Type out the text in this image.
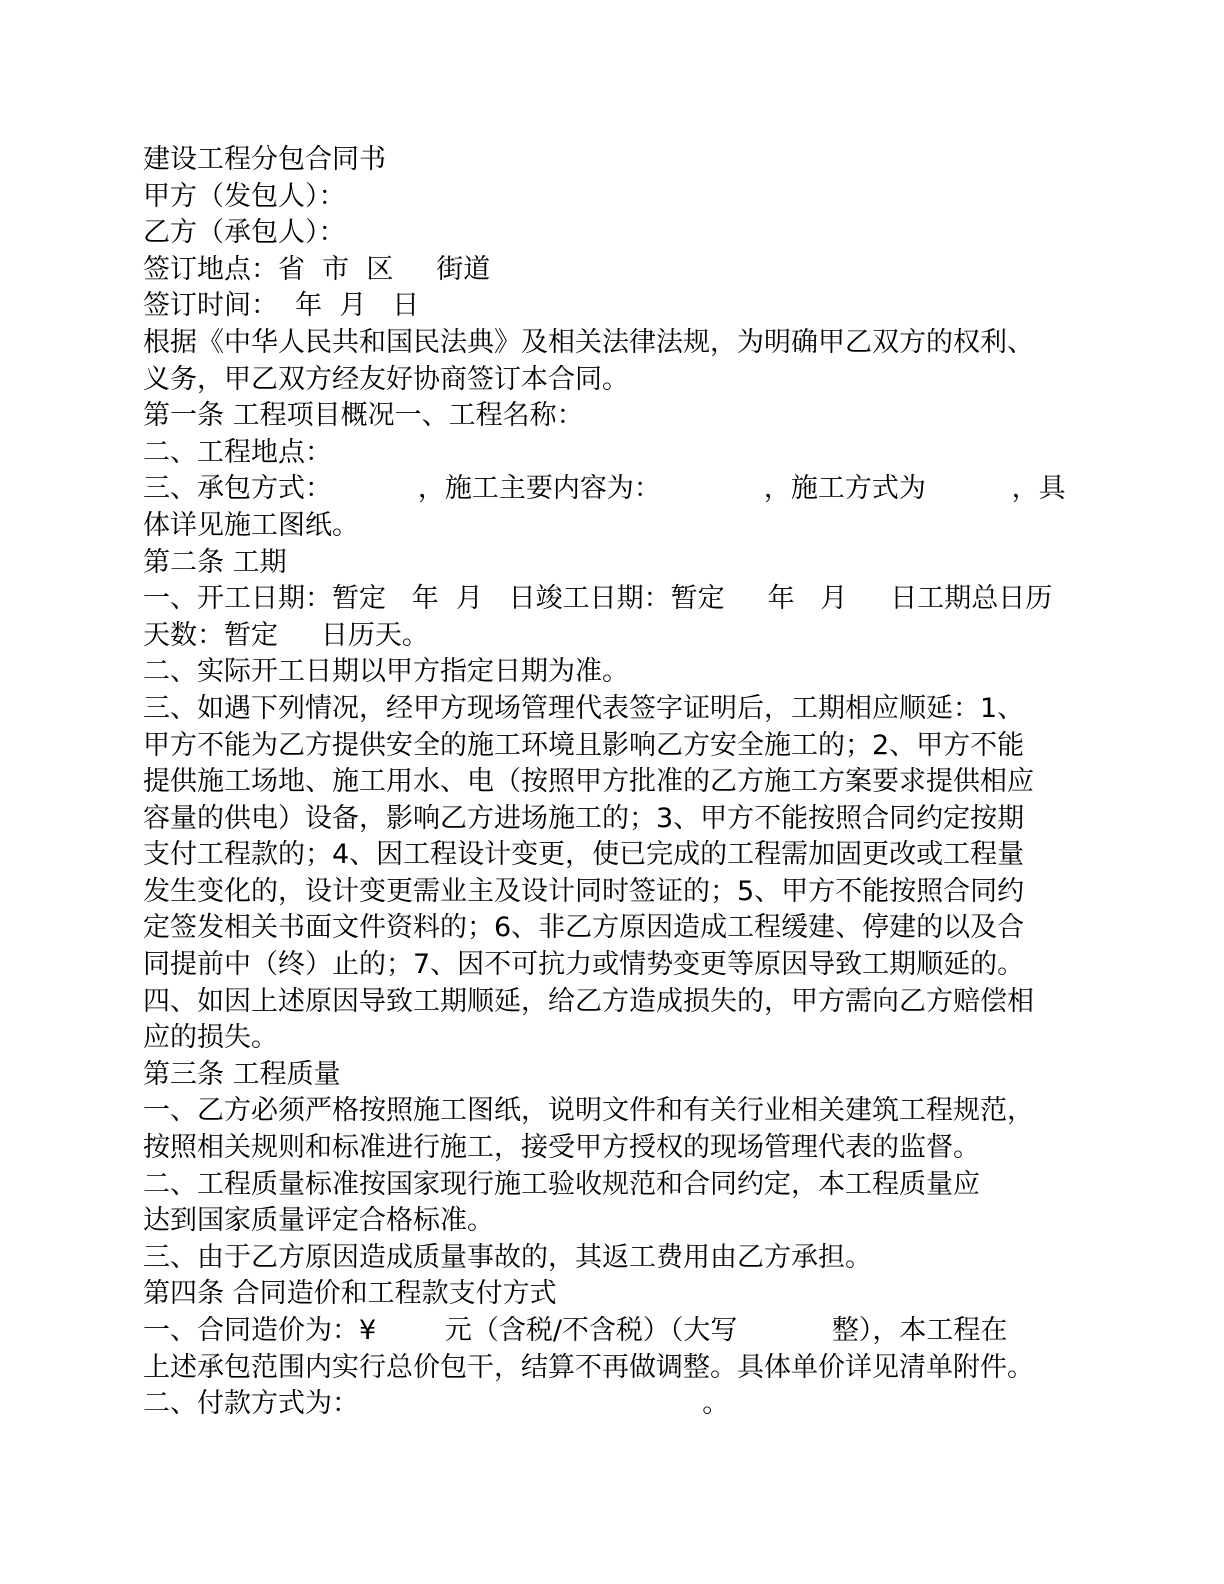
建设工程分包合同书
甲方（发包人）：
乙方（承包人）：
签订地点：省  市  区     街道
签订时间：  年  月   日
根据《中华人民共和国民法典》及相关法律法规，为明确甲乙双方的权利、
义务，甲乙双方经友好协商签订本合同。
第一条 工程项目概况一、工程名称：
二、工程地点：
三、承包方式：          ，施工主要内容为：            ，施工方式为          ，具
体详见施工图纸。
第二条 工期
一、开工日期：暂定   年  月   日竣工日期：暂定     年   月     日工期总日历
天数：暂定     日历天。
二、实际开工日期以甲方指定日期为准。
三、如遇下列情况，经甲方现场管理代表签字证明后，工期相应顺延：1、
甲方不能为乙方提供安全的施工环境且影响乙方安全施工的；2、甲方不能
提供施工场地、施工用水、电（按照甲方批准的乙方施工方案要求提供相应
容量的供电）设备，影响乙方进场施工的；3、甲方不能按照合同约定按期
支付工程款的；4、因工程设计变更，使已完成的工程需加固更改或工程量
发生变化的，设计变更需业主及设计同时签证的；5、甲方不能按照合同约
定签发相关书面文件资料的；6、非乙方原因造成工程缓建、停建的以及合
同提前中（终）止的；7、因不可抗力或情势变更等原因导致工期顺延的。
四、如因上述原因导致工期顺延，给乙方造成损失的，甲方需向乙方赔偿相
应的损失。
第三条 工程质量
一、乙方必须严格按照施工图纸，说明文件和有关行业相关建筑工程规范，
按照相关规则和标准进行施工，接受甲方授权的现场管理代表的监督。
二、工程质量标准按国家现行施工验收规范和合同约定，本工程质量应
达到国家质量评定合格标准。
三、由于乙方原因造成质量事故的，其返工费用由乙方承担。
第四条 合同造价和工程款支付方式
一、合同造价为：¥        元（含税/不含税）（大写           整），本工程在
上述承包范围内实行总价包干，结算不再做调整。具体单价详见清单附件。
二、付款方式为：                                        。
